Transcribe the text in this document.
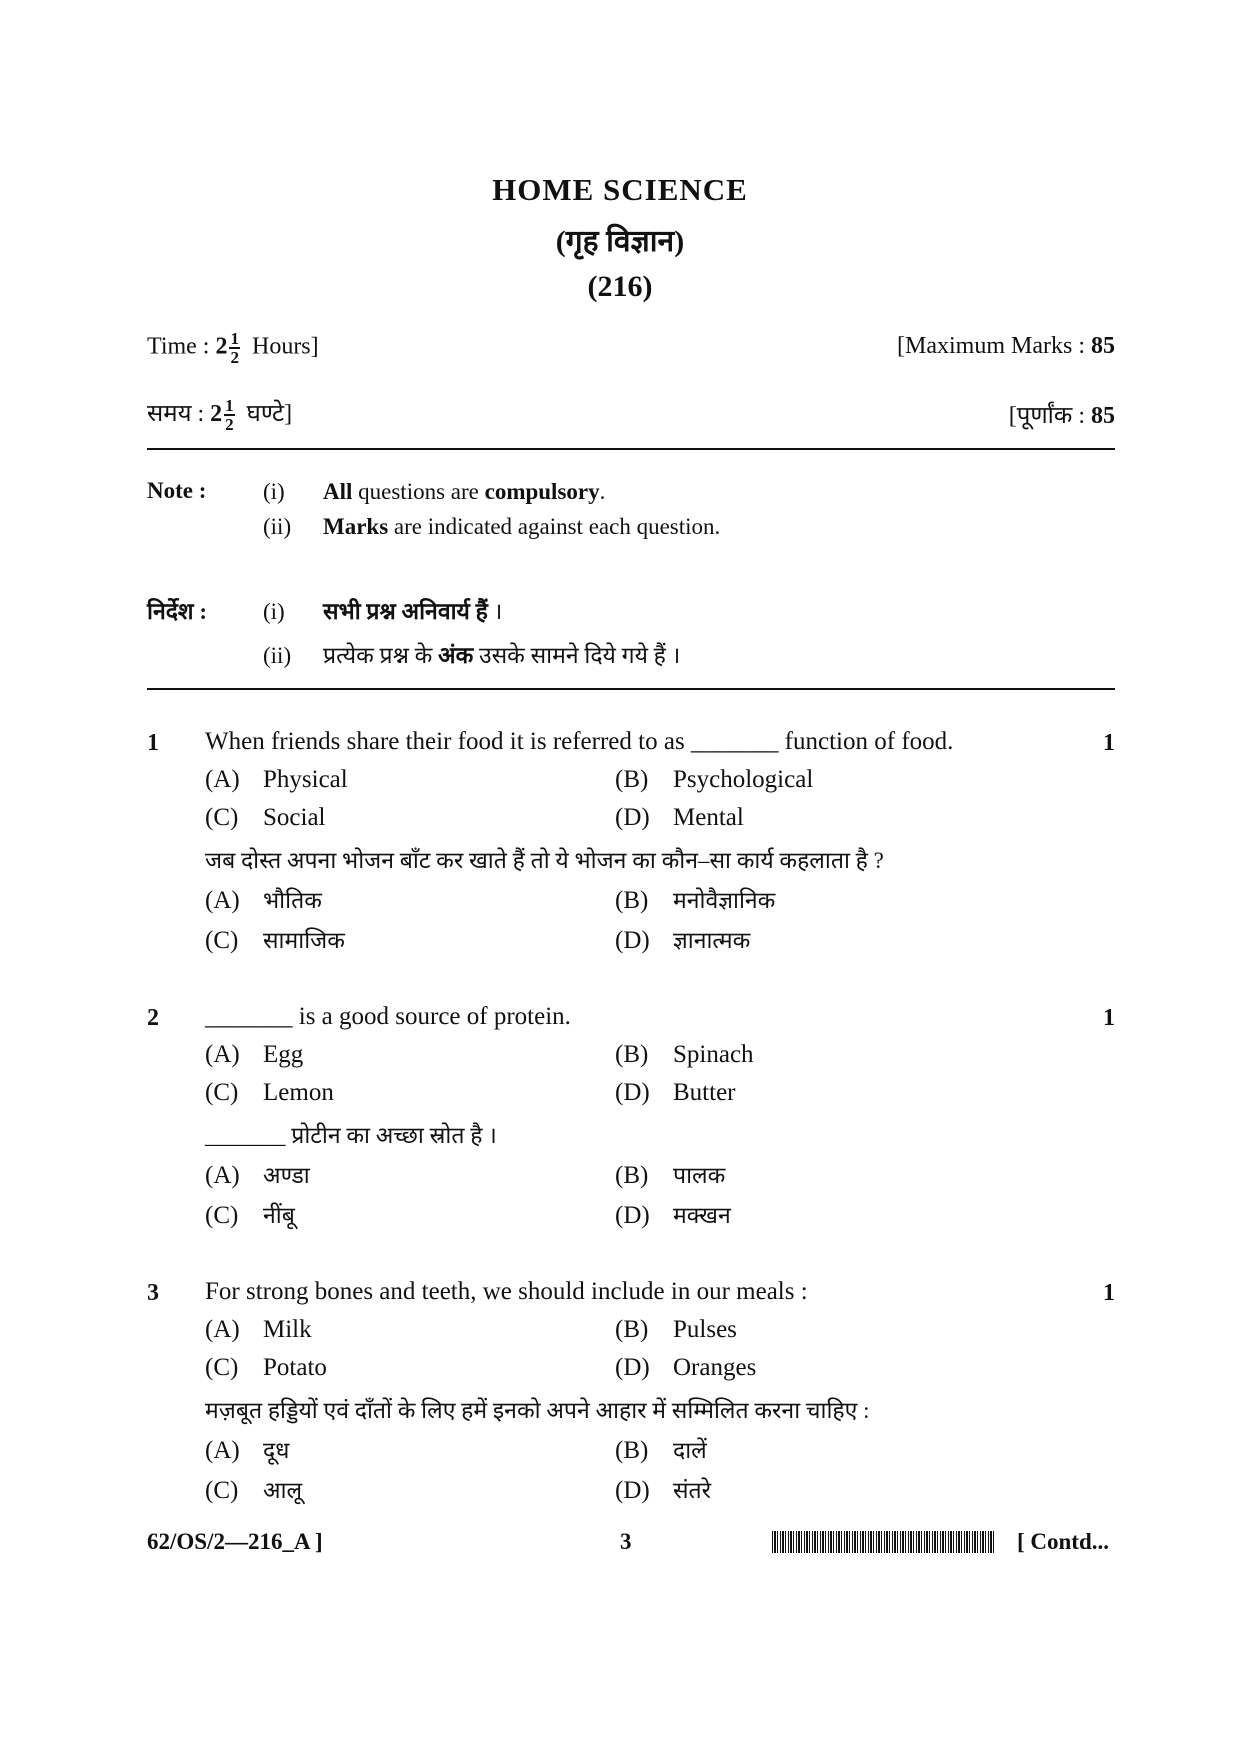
HOME SCIENCE
(गृह विज्ञान)
(216)
Time : $2 \frac{1}{2}$ Hours]	[Maximum Marks : 85
समय : $2 \frac{1}{2}$ घण्टे]	[पूर्णांक : 85
Note : (i) All questions are compulsory.
(ii) Marks are indicated against each question.
निर्देश : (i) सभी प्रश्न अनिवार्य हैं ।
(ii) प्रत्येक प्रश्न के अंक उसके सामने दिये गये हैं ।
1 When friends share their food it is referred to as _______ function of food.	1
(A) Physical	(B) Psychological
(C) Social	(D) Mental
जब दोस्त अपना भोजन बाँट कर खाते हैं तो ये भोजन का कौन–सा कार्य कहलाता है ?
(A) भौतिक	(B) मनोवैज्ञानिक
(C) सामाजिक	(D) ज्ञानात्मक
2 _______ is a good source of protein.	1
(A) Egg	(B) Spinach
(C) Lemon	(D) Butter
_______ प्रोटीन का अच्छा स्रोत है ।
(A) अण्डा	(B) पालक
(C) नींबू	(D) मक्खन
3 For strong bones and teeth, we should include in our meals :	1
(A) Milk	(B) Pulses
(C) Potato	(D) Oranges
मज़बूत हड्डियों एवं दाँतों के लिए हमें इनको अपने आहार में सम्मिलित करना चाहिए :
(A) दूध	(B) दालें
(C) आलू	(D) संतरे
62/OS/2—216_A ]	3	[ Contd...
